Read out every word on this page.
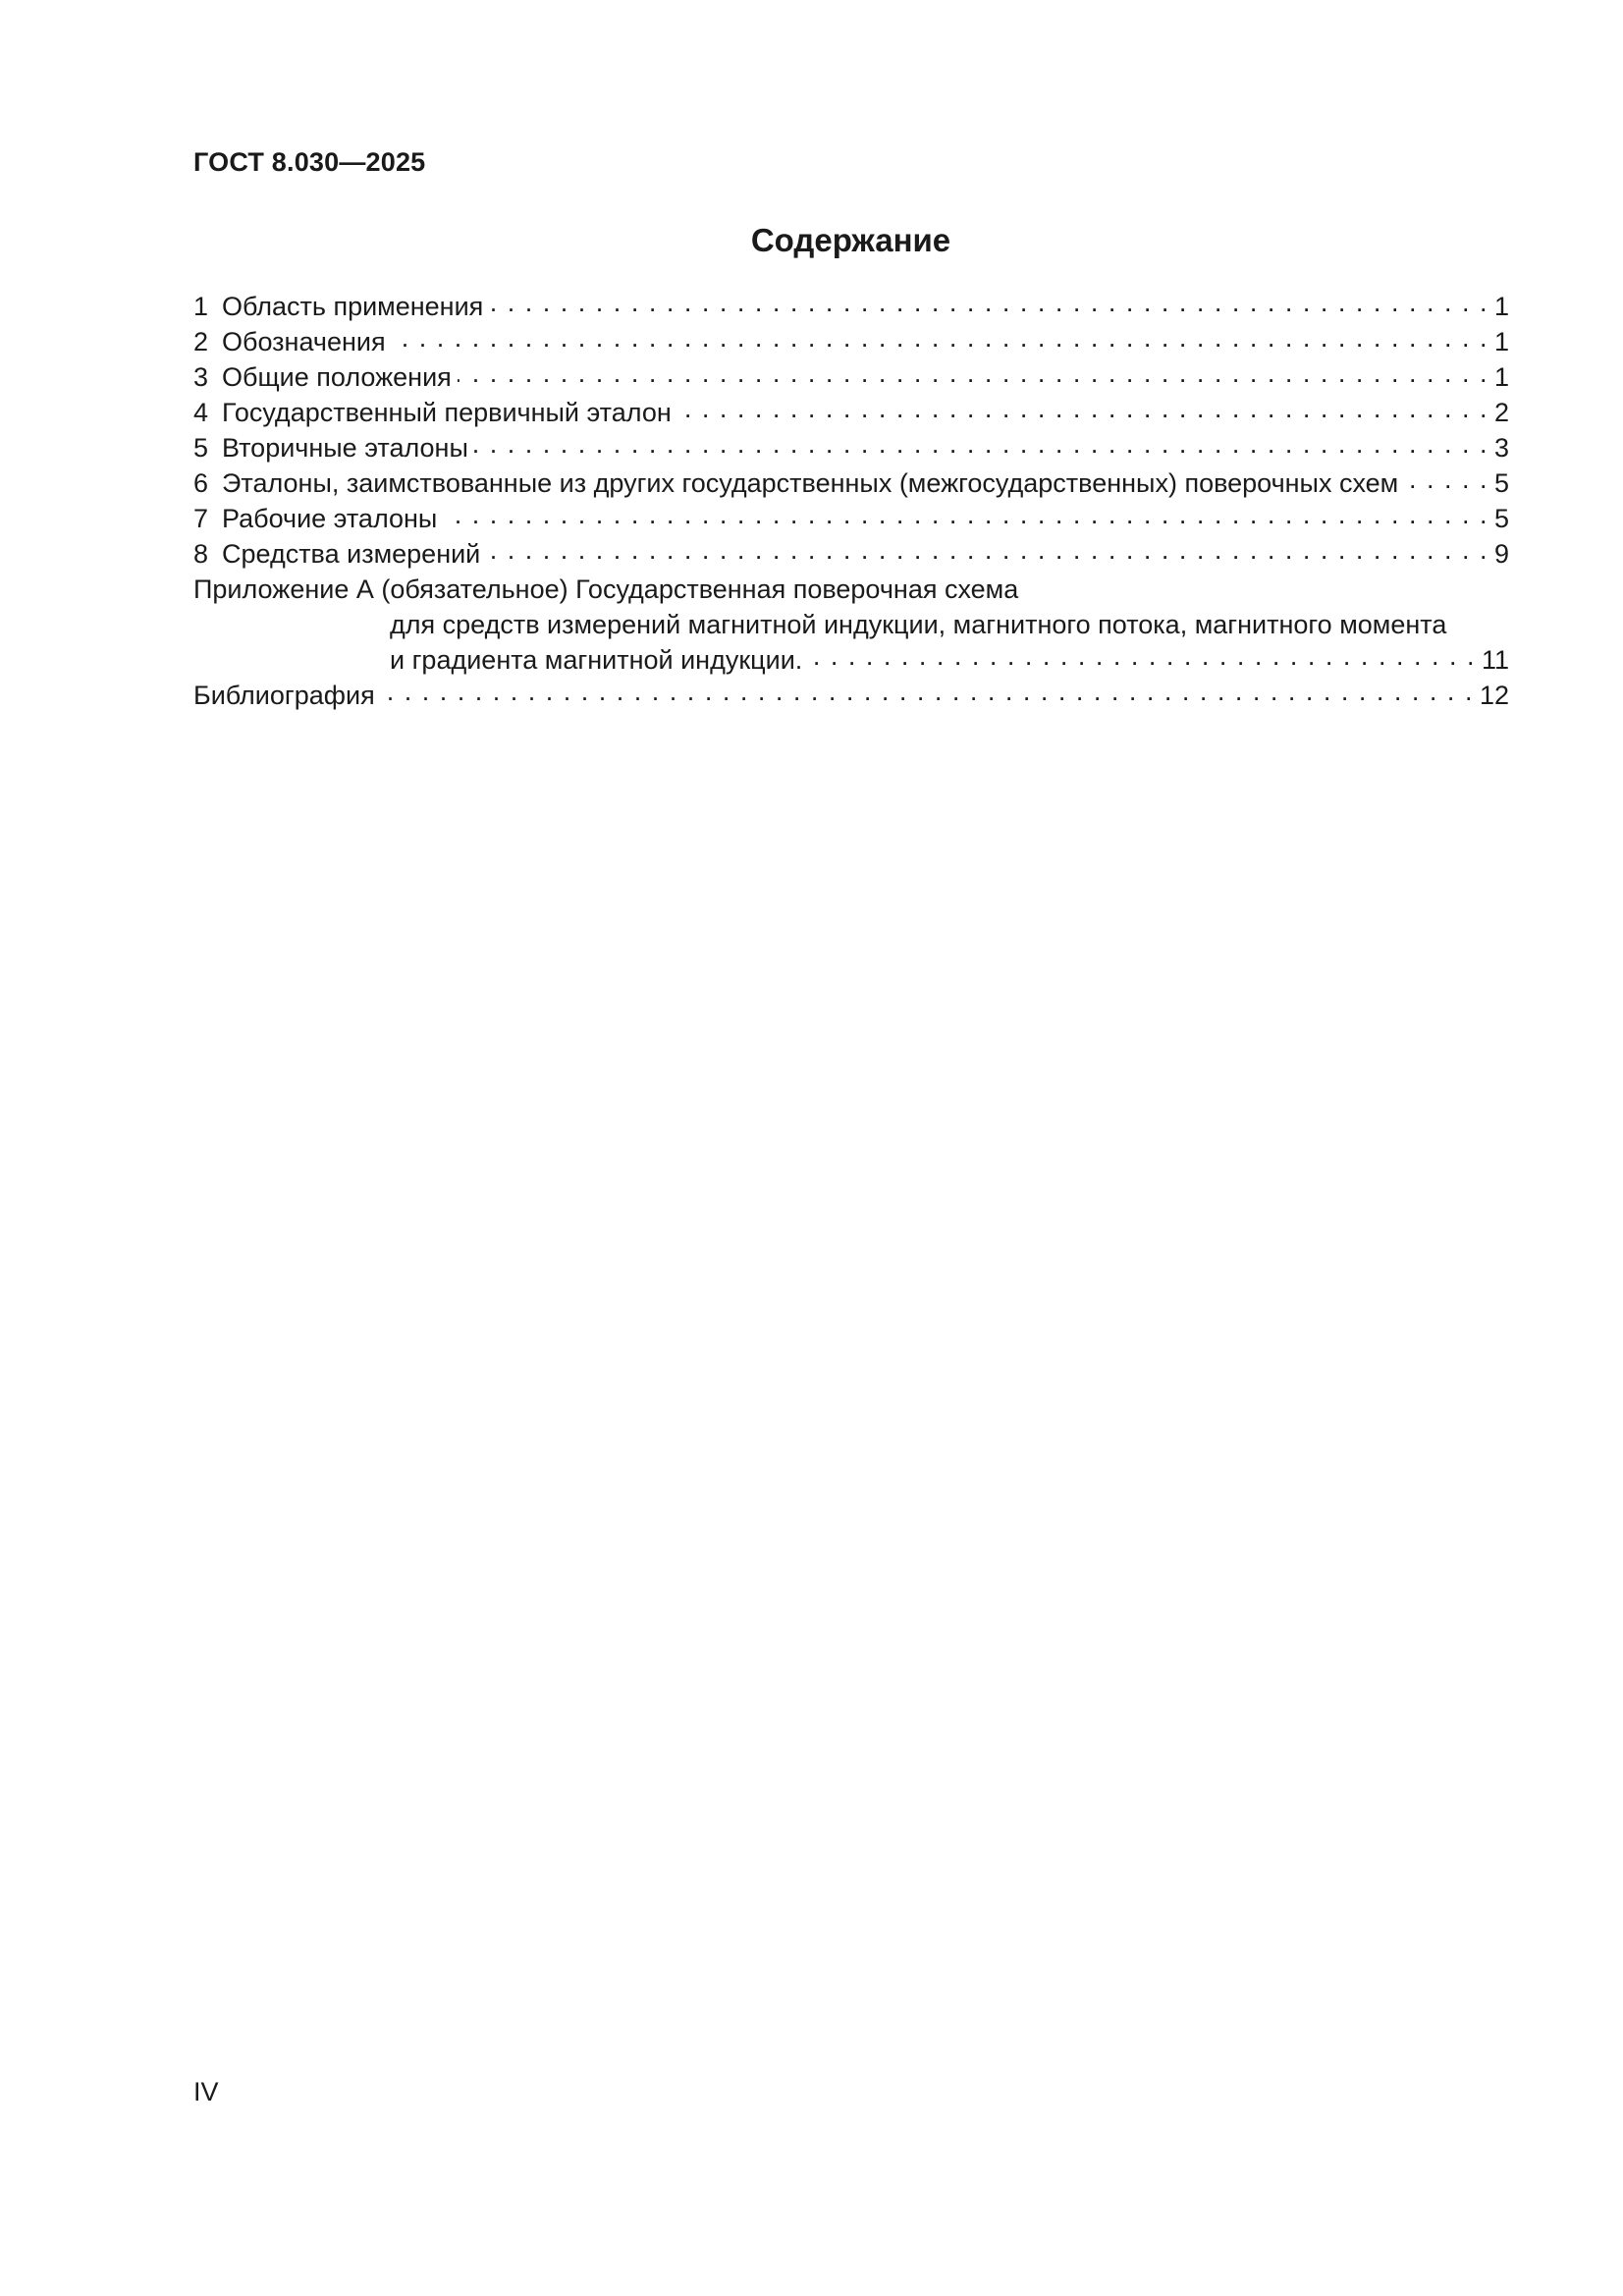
ГОСТ 8.030—2025
Содержание
1 Область применения . . .	1
2 Обозначения . . .	1
3 Общие положения . . .	1
4 Государственный первичный эталон . . .	2
5 Вторичные эталоны . . .	3
6 Эталоны, заимствованные из других государственных (межгосударственных) поверочных схем . . .	5
7 Рабочие эталоны . . .	5
8 Средства измерений . . .	9
Приложение А (обязательное) Государственная поверочная схема
для средств измерений магнитной индукции, магнитного потока, магнитного момента
и градиента магнитной индукции. . . .	11
Библиография . . .	12
IV
